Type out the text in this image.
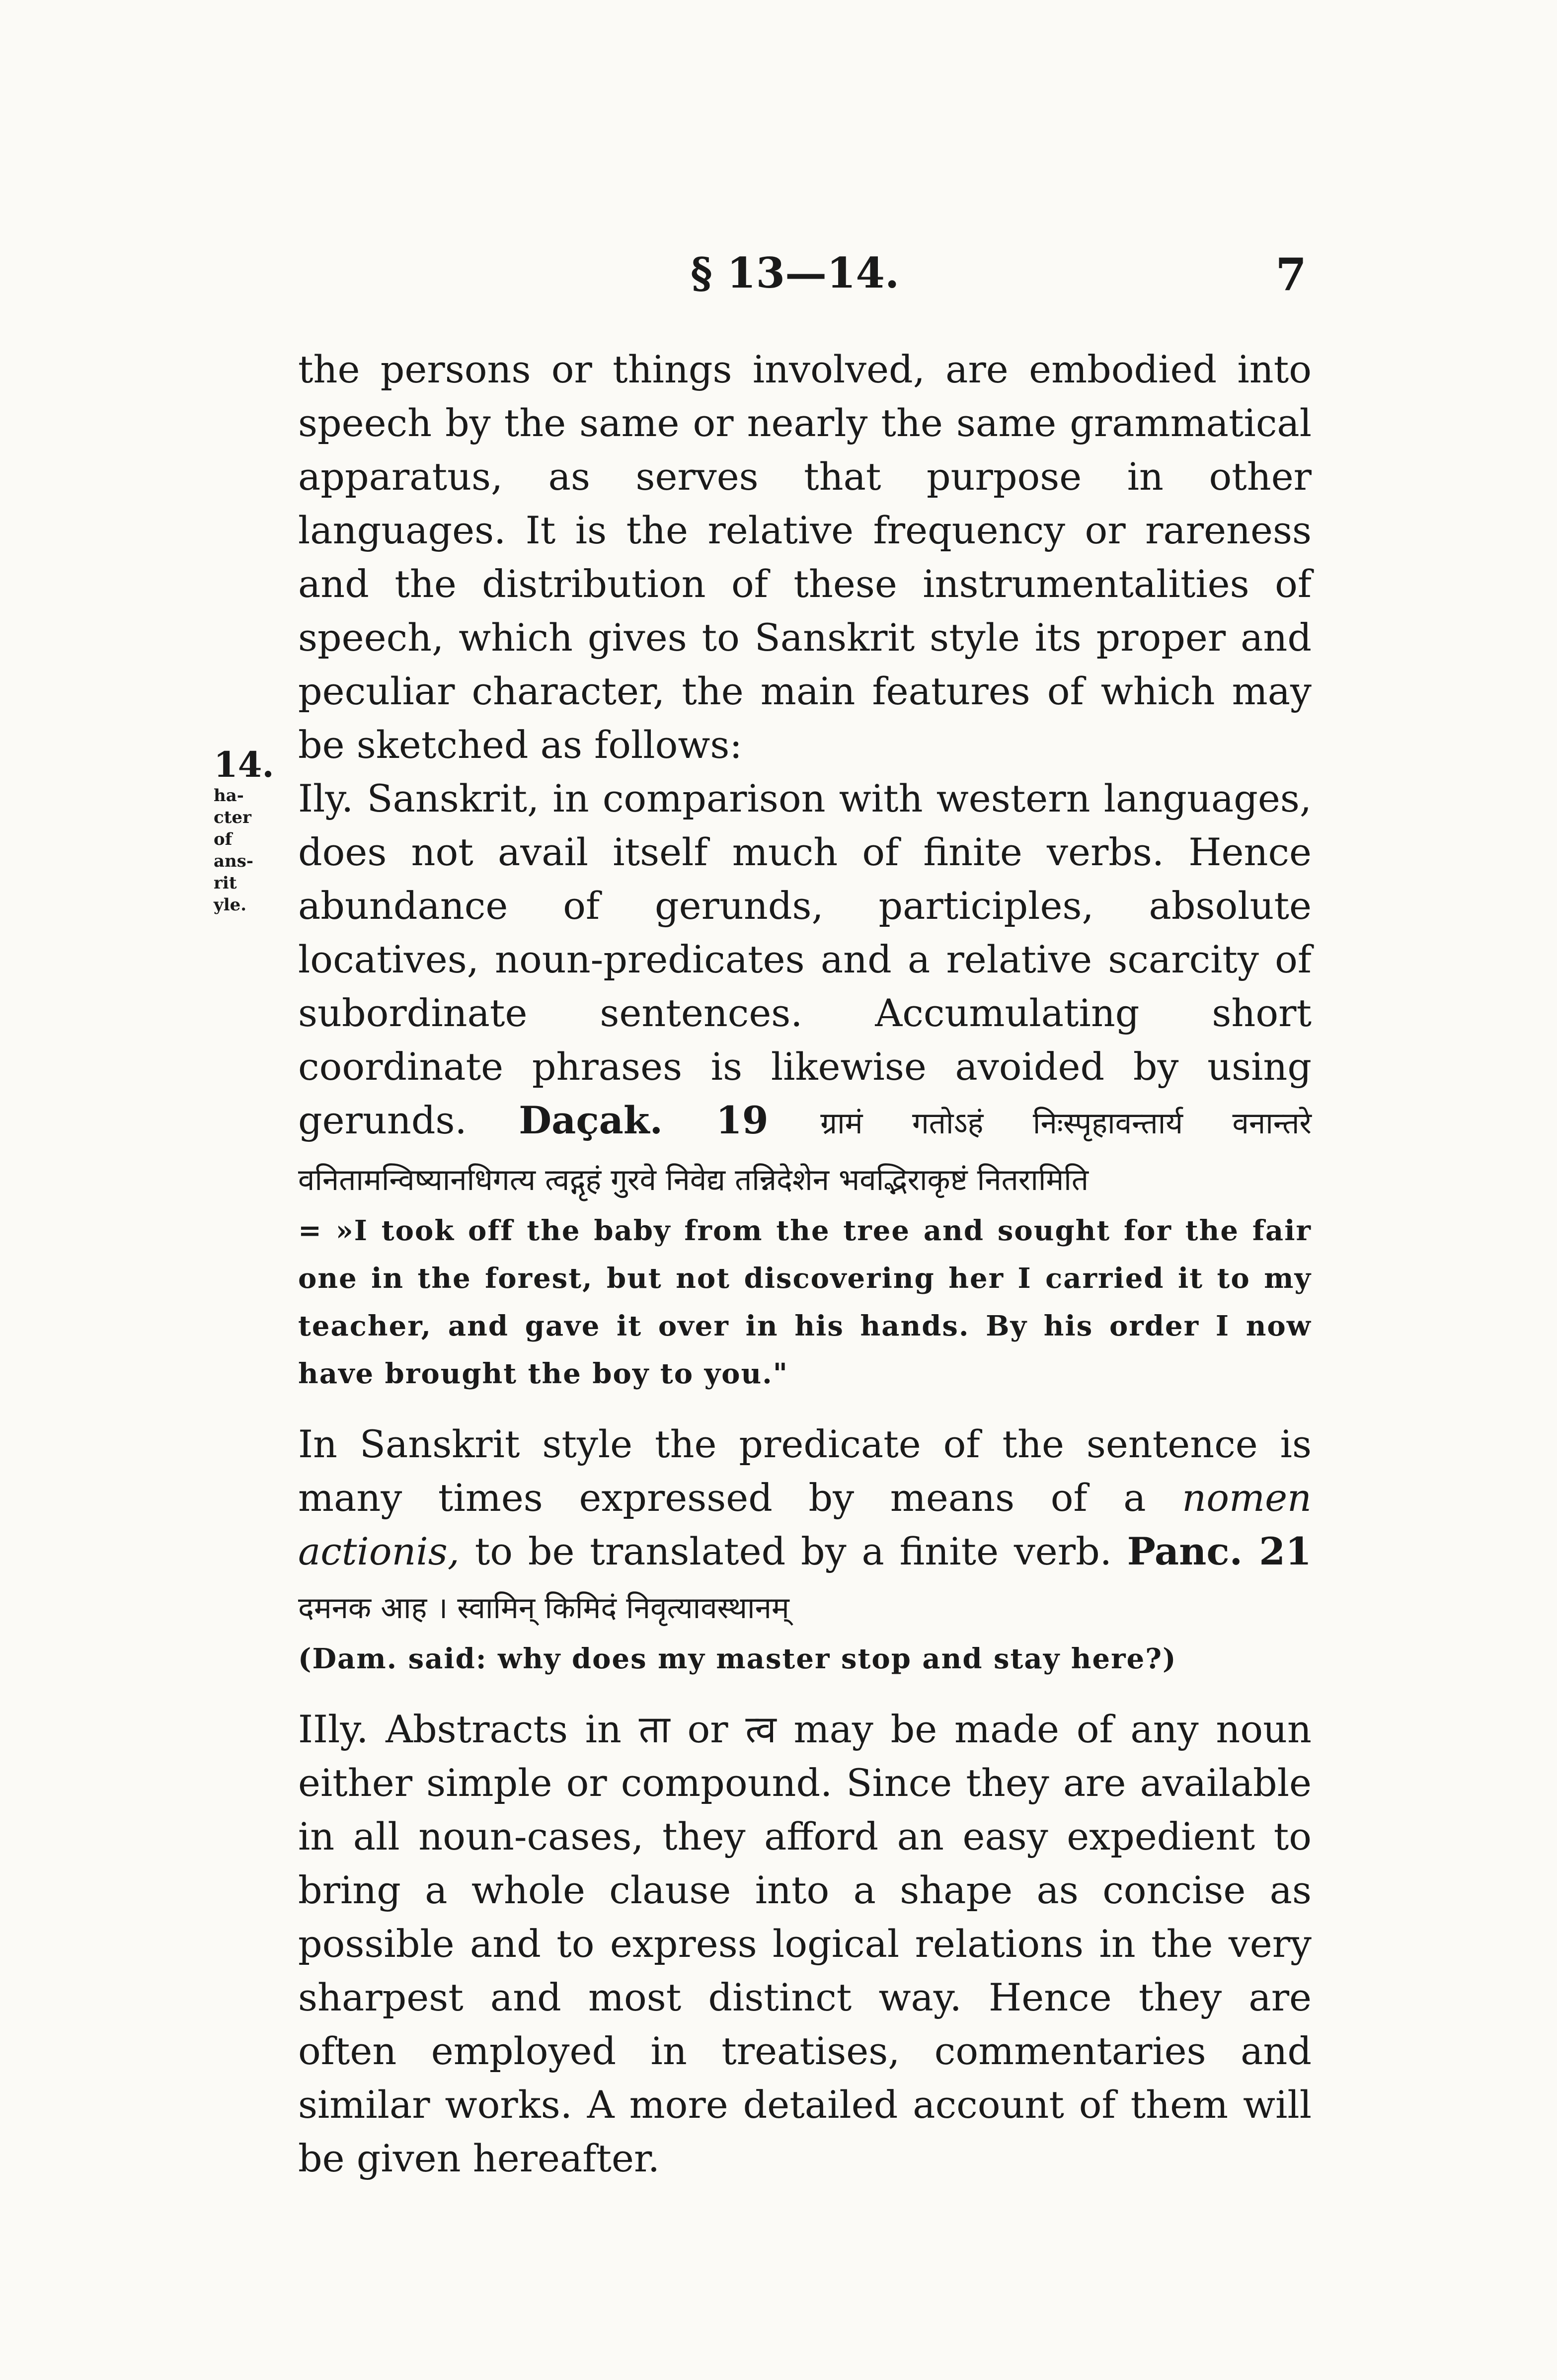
§ 13—14.	7
14.
ha-
cter
of
ans-
rit
yle.

the persons or things involved, are embodied into speech by the same or nearly the same grammatical apparatus, as serves that purpose in other languages. It is the relative frequency or rareness and the distribution of these instrumentalities of speech, which gives to Sanskrit style its proper and peculiar character, the main features of which may be sketched as follows:

Ily. Sanskrit, in comparison with western languages, does not avail itself much of finite verbs. Hence abundance of gerunds, participles, absolute locatives, noun-predicates and a relative scarcity of subordinate sentences. Accumulating short coordinate phrases is likewise avoided by using gerunds. Daçak. 19 ग्रामं गतोऽहं निःस्पृहावन्तार्य वनान्तरे वनितामन्विष्यानधिगत्य त्वद्गृहं गुरवे निवेद्य तन्निदेशेन भवद्भिराकृष्टं नितरामिति

= »I took off the baby from the tree and sought for the fair one in the forest, but not discovering her I carried it to my teacher, and gave it over in his hands. By his order I now have brought the boy to you."

In Sanskrit style the predicate of the sentence is many times expressed by means of a nomen actionis, to be translated by a finite verb. Panc. 21 दमनक आह । स्वामिन् किमिदं निवृत्यावस्थानम्

(Dam. said: why does my master stop and stay here?)

IIly. Abstracts in ता or त्व may be made of any noun either simple or compound. Since they are available in all noun-cases, they afford an easy expedient to bring a whole clause into a shape as concise as possible and to express logical relations in the very sharpest and most distinct way. Hence they are often employed in treatises, commentaries and similar works. A more detailed account of them will be given hereafter.
